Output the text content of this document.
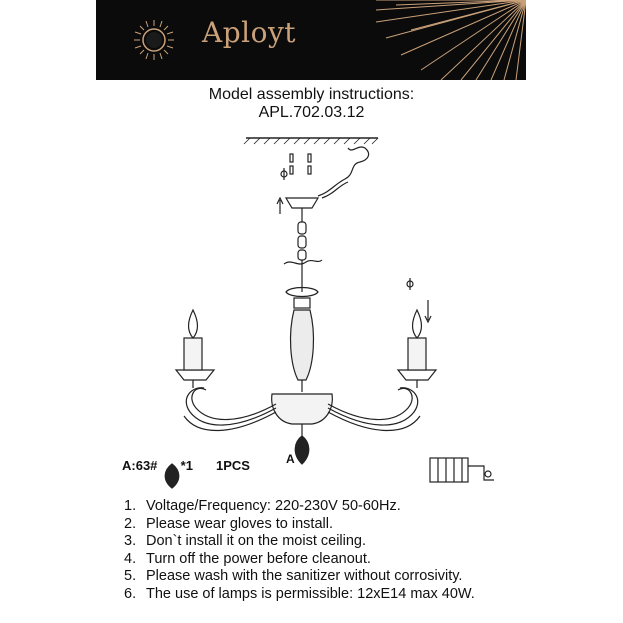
Aployt
Model assembly instructions:
APL.702.03.12
A:63# *1 1PCS	A
1. Voltage/Frequency: 220-230V 50-60Hz.
2. Please wear gloves to install.
3. Don`t install it on the moist ceiling.
4. Turn off the power before cleanout.
5. Please wash with the sanitizer without corrosivity.
6. The use of lamps is permissible: 12xE14 max 40W.
